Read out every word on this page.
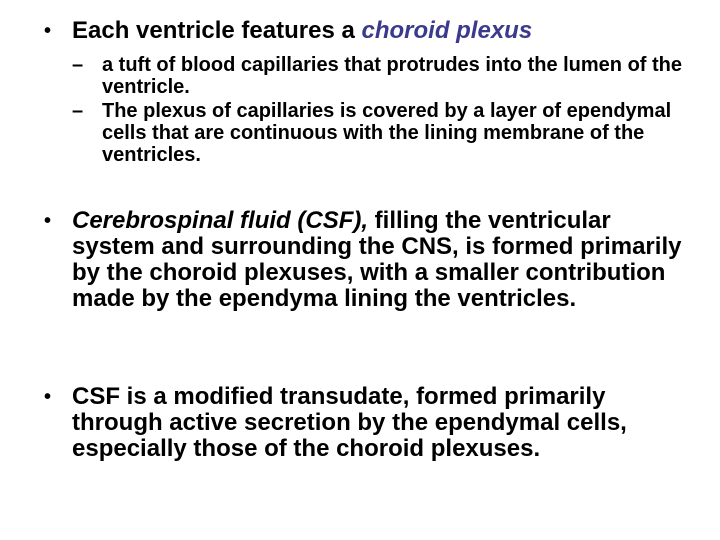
• Each ventricle features a choroid plexus
– a tuft of blood capillaries that protrudes into the lumen of the ventricle.
– The plexus of capillaries is covered by a layer of ependymal cells that are continuous with the lining membrane of the ventricles.
• Cerebrospinal fluid (CSF), filling the ventricular system and surrounding the CNS, is formed primarily by the choroid plexuses, with a smaller contribution made by the ependyma lining the ventricles.
• CSF is a modified transudate, formed primarily through active secretion by the ependymal cells, especially those of the choroid plexuses.
